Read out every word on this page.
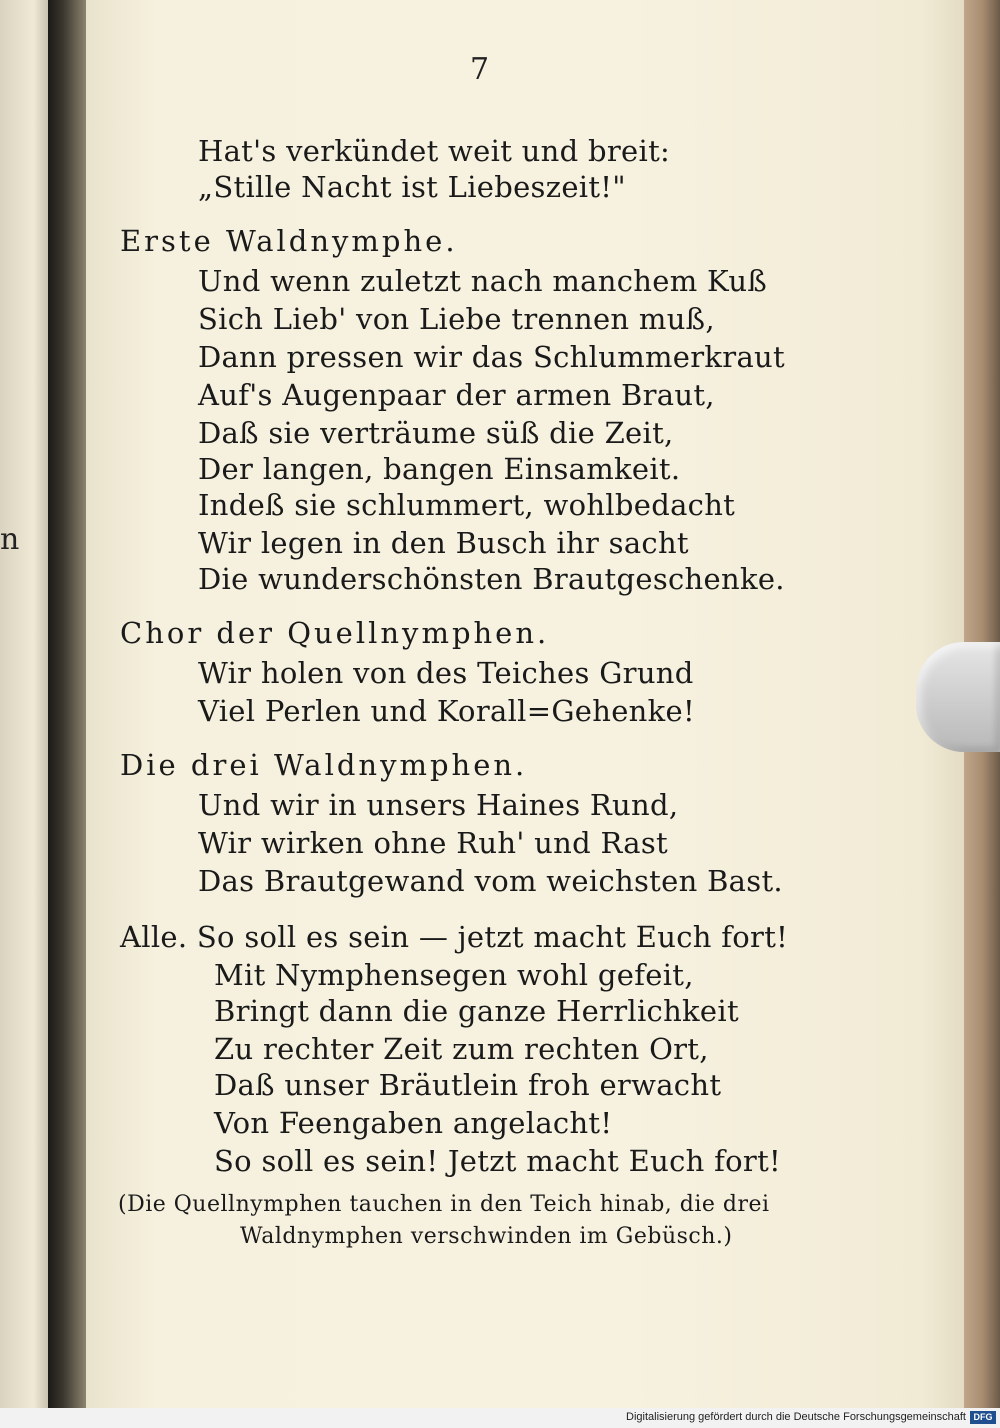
n
7
Hat's verkündet weit und breit:
„Stille Nacht ist Liebeszeit!"
Erste Waldnymphe.
Und wenn zuletzt nach manchem Kuß
Sich Lieb' von Liebe trennen muß,
Dann pressen wir das Schlummerkraut
Auf's Augenpaar der armen Braut,
Daß sie verträume süß die Zeit,
Der langen, bangen Einsamkeit.
Indeß sie schlummert, wohlbedacht
Wir legen in den Busch ihr sacht
Die wunderschönsten Brautgeschenke.
Chor der Quellnymphen.
Wir holen von des Teiches Grund
Viel Perlen und Korall=Gehenke!
Die drei Waldnymphen.
Und wir in unsers Haines Rund,
Wir wirken ohne Ruh' und Rast
Das Brautgewand vom weichsten Bast.
Alle. So soll es sein — jetzt macht Euch fort!
Mit Nymphensegen wohl gefeit,
Bringt dann die ganze Herrlichkeit
Zu rechter Zeit zum rechten Ort,
Daß unser Bräutlein froh erwacht
Von Feengaben angelacht!
So soll es sein! Jetzt macht Euch fort!
(Die Quellnymphen tauchen in den Teich hinab, die drei
Waldnymphen verschwinden im Gebüsch.)
Digitalisierung gefördert durch die Deutsche Forschungsgemeinschaft DFG
